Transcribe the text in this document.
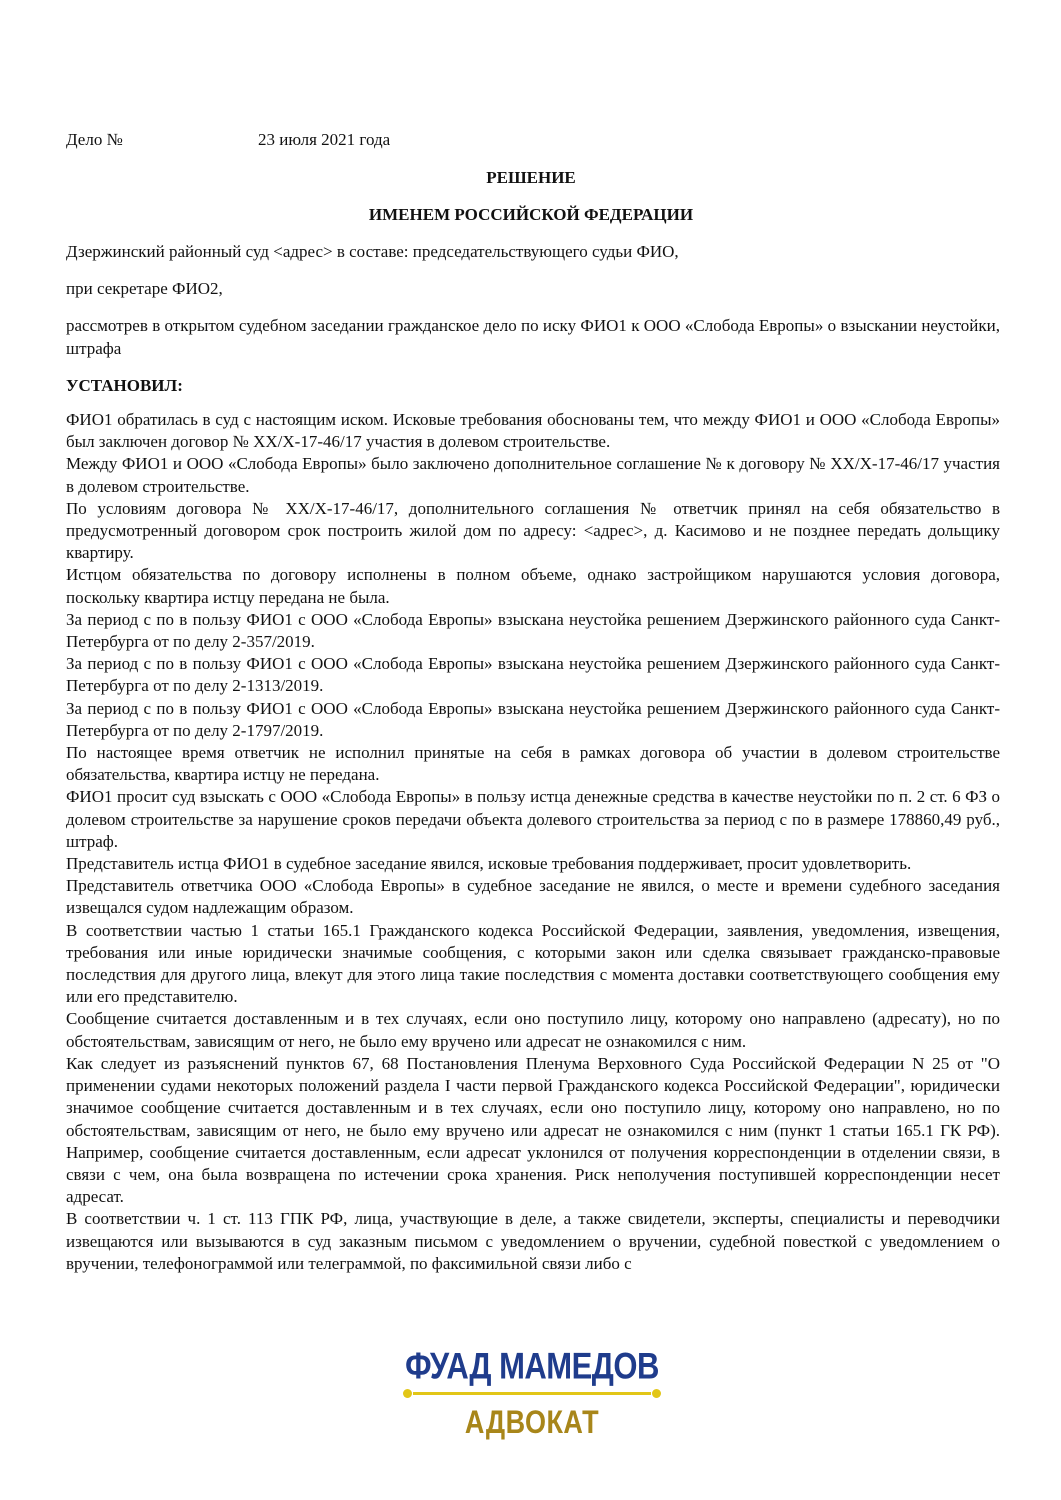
Дело №	23 июля 2021 года
РЕШЕНИЕ
ИМЕНЕМ РОССИЙСКОЙ ФЕДЕРАЦИИ
Дзержинский районный суд <адрес> в составе: председательствующего судьи ФИО,
при секретаре ФИО2,
рассмотрев в открытом судебном заседании гражданское дело по иску ФИО1 к ООО «Слобода Европы» о взыскании неустойки, штрафа
УСТАНОВИЛ:

ФИО1 обратилась в суд с настоящим иском. Исковые требования обоснованы тем, что между ФИО1 и ООО «Слобода Европы» был заключен договор № XX/X-17-46/17 участия в долевом строительстве.

Между ФИО1 и ООО «Слобода Европы» было заключено дополнительное соглашение № к договору № XX/X-17-46/17 участия в долевом строительстве.

По условиям договора № XX/X-17-46/17, дополнительного соглашения № ответчик принял на себя обязательство в предусмотренный договором срок построить жилой дом по адресу: <адрес>, д. Касимово и не позднее передать дольщику квартиру.

Истцом обязательства по договору исполнены в полном объеме, однако застройщиком нарушаются условия договора, поскольку квартира истцу передана не была.

За период с по в пользу ФИО1 с ООО «Слобода Европы» взыскана неустойка решением Дзержинского районного суда Санкт-Петербурга от по делу 2-357/2019.

За период с по в пользу ФИО1 с ООО «Слобода Европы» взыскана неустойка решением Дзержинского районного суда Санкт-Петербурга от по делу 2-1313/2019.

За период с по в пользу ФИО1 с ООО «Слобода Европы» взыскана неустойка решением Дзержинского районного суда Санкт-Петербурга от по делу 2-1797/2019.

По настоящее время ответчик не исполнил принятые на себя в рамках договора об участии в долевом строительстве обязательства, квартира истцу не передана.

ФИО1 просит суд взыскать с ООО «Слобода Европы» в пользу истца денежные средства в качестве неустойки по п. 2 ст. 6 ФЗ о долевом строительстве за нарушение сроков передачи объекта долевого строительства за период с по в размере 178860,49 руб., штраф.

Представитель истца ФИО1 в судебное заседание явился, исковые требования поддерживает, просит удовлетворить.

Представитель ответчика ООО «Слобода Европы» в судебное заседание не явился, о месте и времени судебного заседания извещался судом надлежащим образом.

В соответствии частью 1 статьи 165.1 Гражданского кодекса Российской Федерации, заявления, уведомления, извещения, требования или иные юридически значимые сообщения, с которыми закон или сделка связывает гражданско-правовые последствия для другого лица, влекут для этого лица такие последствия с момента доставки соответствующего сообщения ему или его представителю.

Сообщение считается доставленным и в тех случаях, если оно поступило лицу, которому оно направлено (адресату), но по обстоятельствам, зависящим от него, не было ему вручено или адресат не ознакомился с ним.

Как следует из разъяснений пунктов 67, 68 Постановления Пленума Верховного Суда Российской Федерации N 25 от "О применении судами некоторых положений раздела I части первой Гражданского кодекса Российской Федерации", юридически значимое сообщение считается доставленным и в тех случаях, если оно поступило лицу, которому оно направлено, но по обстоятельствам, зависящим от него, не было ему вручено или адресат не ознакомился с ним (пункт 1 статьи 165.1 ГК РФ). Например, сообщение считается доставленным, если адресат уклонился от получения корреспонденции в отделении связи, в связи с чем, она была возвращена по истечении срока хранения. Риск неполучения поступившей корреспонденции несет адресат.

В соответствии ч. 1 ст. 113 ГПК РФ, лица, участвующие в деле, а также свидетели, эксперты, специалисты и переводчики извещаются или вызываются в суд заказным письмом с уведомлением о вручении, судебной повесткой с уведомлением о вручении, телефонограммой или телеграммой, по факсимильной связи либо с

ФУАД МАМЕДОВ
АДВОКАТ
